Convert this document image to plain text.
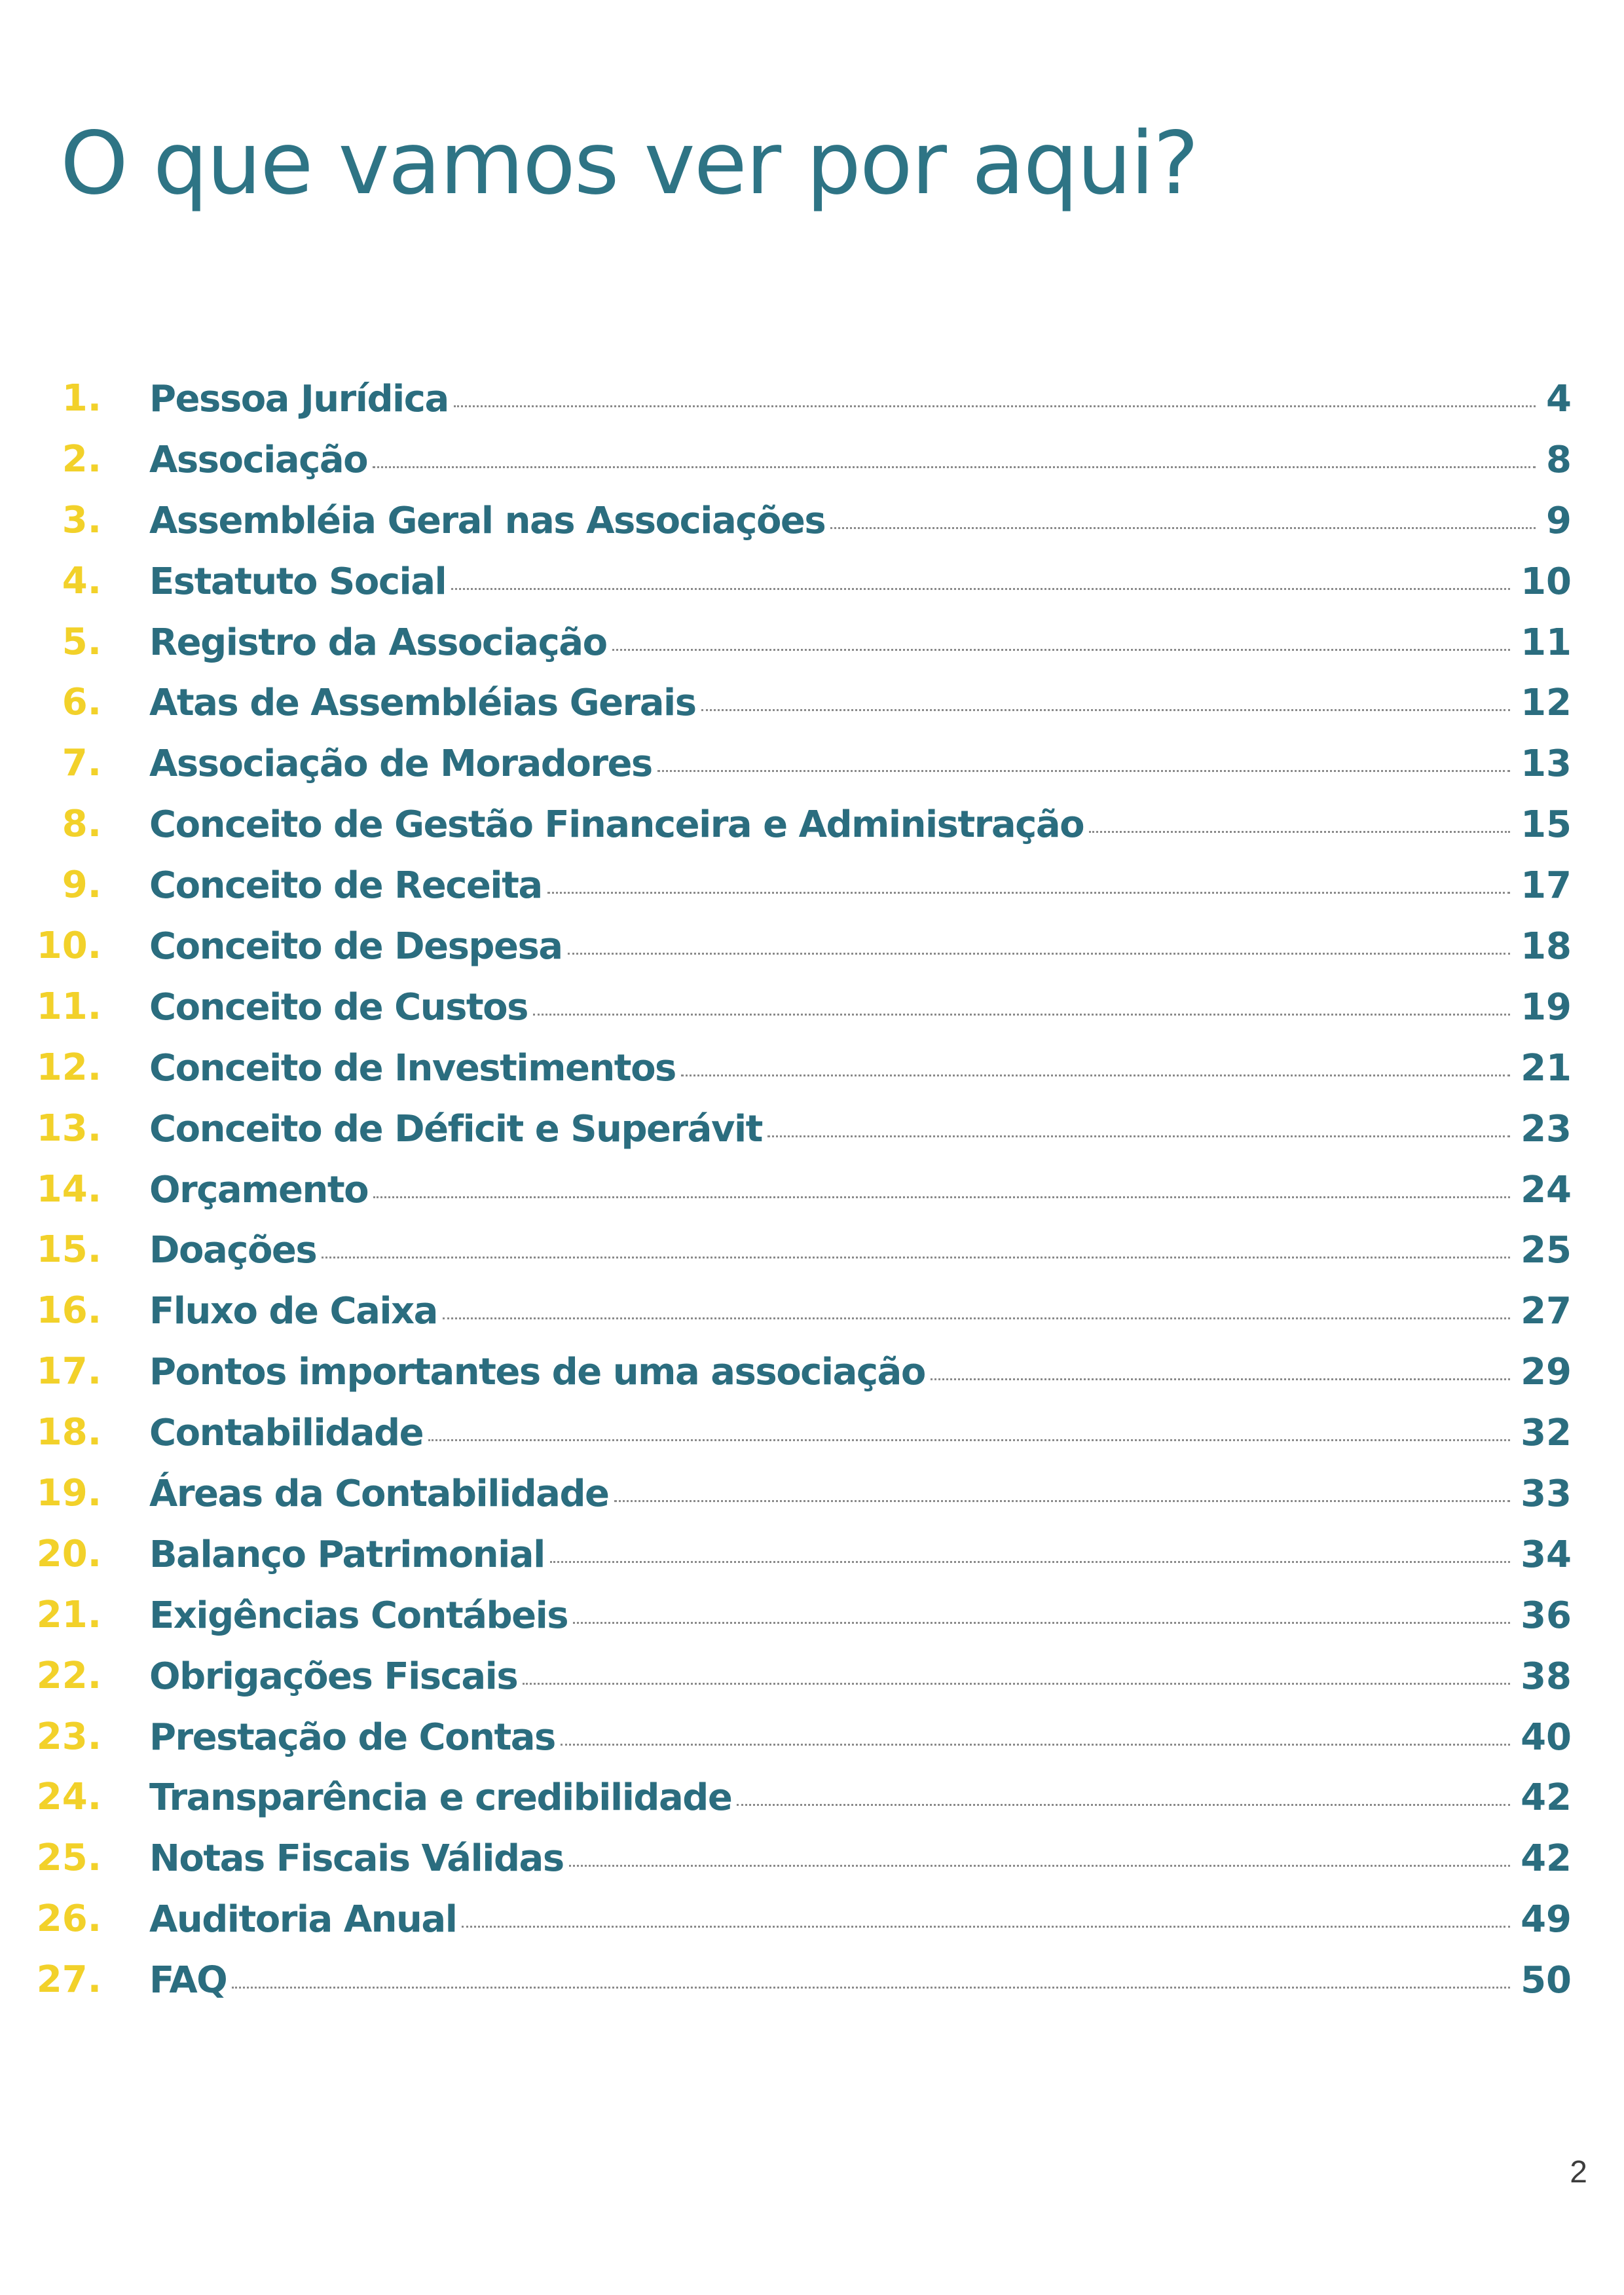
O que vamos ver por aqui?
1. Pessoa Jurídica	4
2. Associação	8
3. Assembléia Geral nas Associações	9
4. Estatuto Social	10
5. Registro da Associação	11
6. Atas de Assembléias Gerais	12
7. Associação de Moradores	13
8. Conceito de Gestão Financeira e Administração	15
9. Conceito de Receita	17
10. Conceito de Despesa	18
11. Conceito de Custos	19
12. Conceito de Investimentos	21
13. Conceito de Déficit e Superávit	23
14. Orçamento	24
15. Doações	25
16. Fluxo de Caixa	27
17. Pontos importantes de uma associação	29
18. Contabilidade	32
19. Áreas da Contabilidade	33
20. Balanço Patrimonial	34
21. Exigências Contábeis	36
22. Obrigações Fiscais	38
23. Prestação de Contas	40
24. Transparência e credibilidade	42
25. Notas Fiscais Válidas	42
26. Auditoria Anual	49
27. FAQ	50
2
